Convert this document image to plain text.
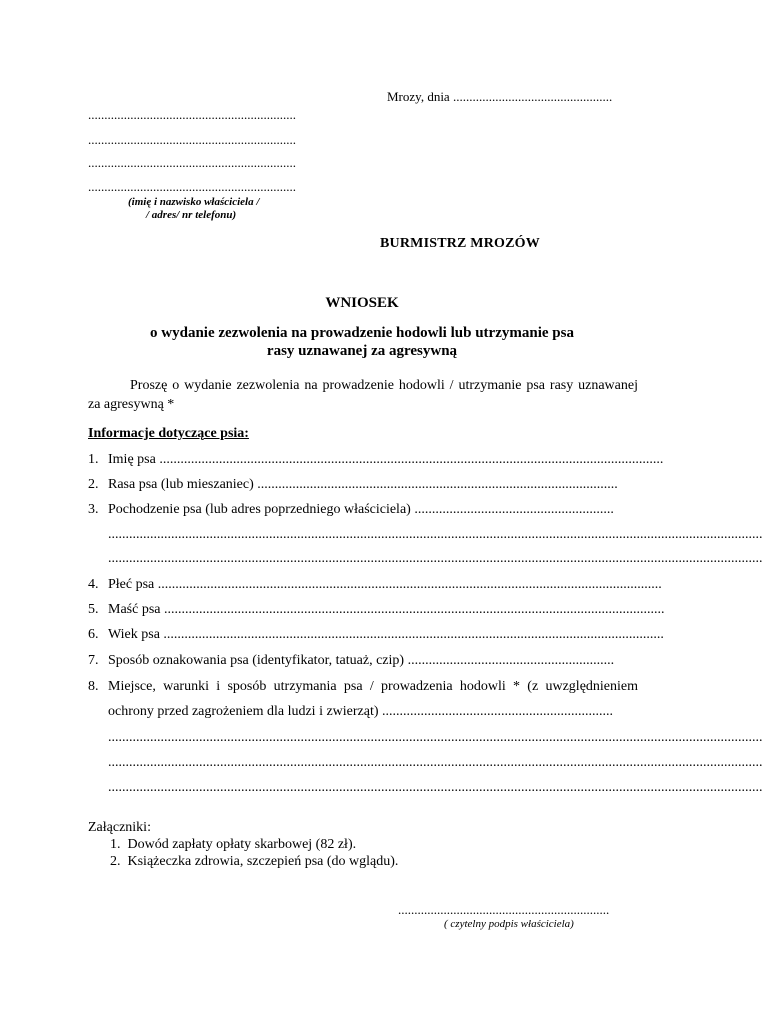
Mrozy, dnia .................................................
................................................................
................................................................
................................................................
................................................................
(imię i nazwisko właściciela /
/ adres/ nr telefonu)
BURMISTRZ MROZÓW
WNIOSEK
o wydanie zezwolenia na prowadzenie hodowli lub utrzymanie psa
rasy uznawanej za agresywną
Proszę o wydanie zezwolenia na prowadzenie hodowli / utrzymanie psa rasy uznawanej za agresywną *
Informacje dotyczące psia:
1. Imię psa ................................................................................................................................................
2. Rasa psa (lub mieszaniec) .......................................................................................................
3. Pochodzenie psa (lub adres poprzedniego właściciela) .........................................................
...........................................................................................................................................................................................
...........................................................................................................................................................................................
4. Płeć psa ................................................................................................................................................
5. Maść psa ...............................................................................................................................................
6. Wiek psa ...............................................................................................................................................
7. Sposób oznakowania psa (identyfikator, tatuaż, czip) ...........................................................
8. Miejsce, warunki i sposób utrzymania psa / prowadzenia hodowli * (z uwzględnieniem
ochrony przed zagrożeniem dla ludzi i zwierząt) ..................................................................
...........................................................................................................................................................................................
...........................................................................................................................................................................................
...........................................................................................................................................................................................
Załączniki:
1. Dowód zapłaty opłaty skarbowej (82 zł).
2. Książeczka zdrowia, szczepień psa (do wglądu).
.................................................................
( czytelny podpis właściciela)
